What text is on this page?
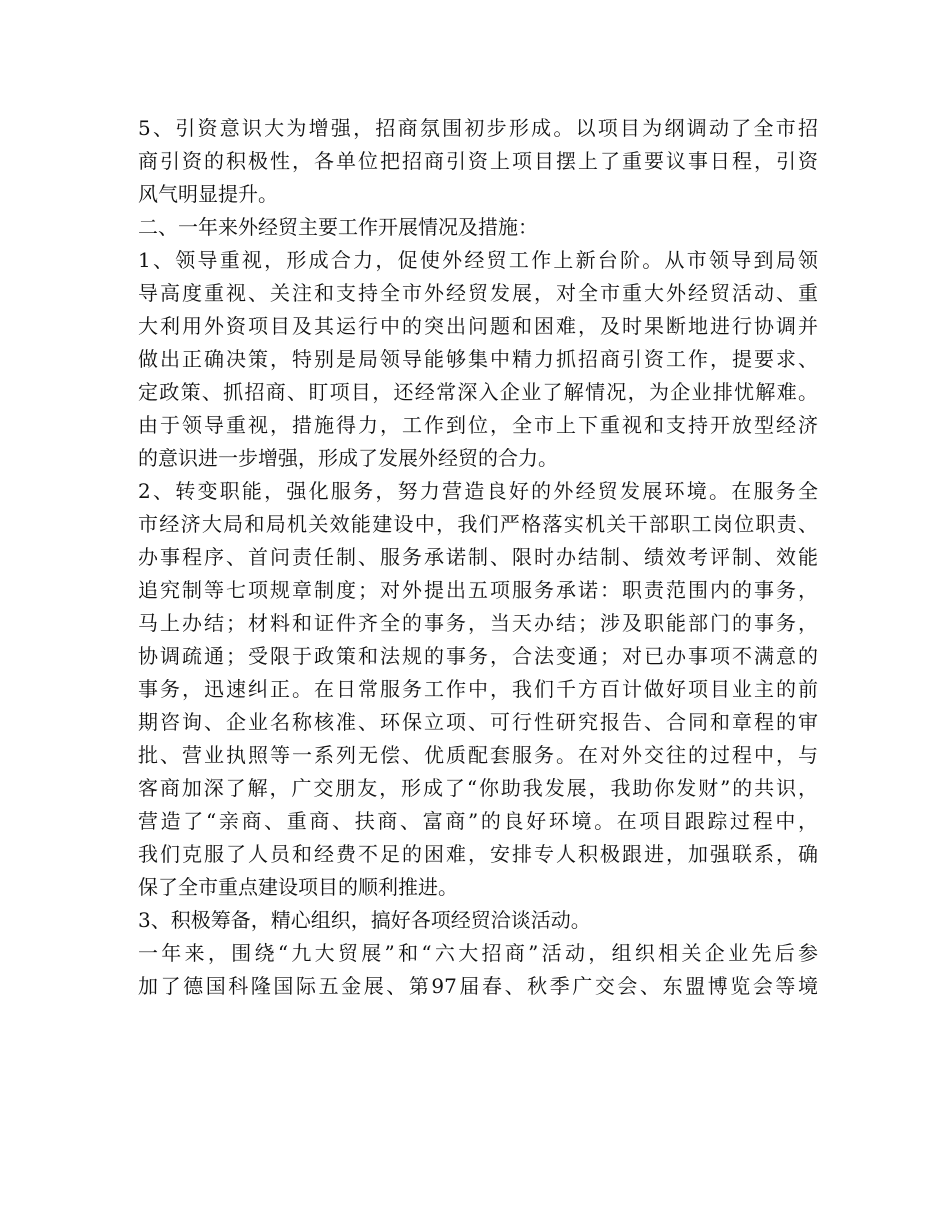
5、引资意识大为增强，招商氛围初步形成。以项目为纲调动了全市招
商引资的积极性，各单位把招商引资上项目摆上了重要议事日程，引资
风气明显提升。
二、一年来外经贸主要工作开展情况及措施：
1、领导重视，形成合力，促使外经贸工作上新台阶。从市领导到局领
导高度重视、关注和支持全市外经贸发展，对全市重大外经贸活动、重
大利用外资项目及其运行中的突出问题和困难，及时果断地进行协调并
做出正确决策，特别是局领导能够集中精力抓招商引资工作，提要求、
定政策、抓招商、盯项目，还经常深入企业了解情况，为企业排忧解难。
由于领导重视，措施得力，工作到位，全市上下重视和支持开放型经济
的意识进一步增强，形成了发展外经贸的合力。
2、转变职能，强化服务，努力营造良好的外经贸发展环境。在服务全
市经济大局和局机关效能建设中，我们严格落实机关干部职工岗位职责、
办事程序、首问责任制、服务承诺制、限时办结制、绩效考评制、效能
追究制等七项规章制度；对外提出五项服务承诺：职责范围内的事务，
马上办结；材料和证件齐全的事务，当天办结；涉及职能部门的事务，
协调疏通；受限于政策和法规的事务，合法变通；对已办事项不满意的
事务，迅速纠正。在日常服务工作中，我们千方百计做好项目业主的前
期咨询、企业名称核准、环保立项、可行性研究报告、合同和章程的审
批、营业执照等一系列无偿、优质配套服务。在对外交往的过程中，与
客商加深了解，广交朋友，形成了“你助我发展，我助你发财”的共识，
营造了“亲商、重商、扶商、富商”的良好环境。在项目跟踪过程中，
我们克服了人员和经费不足的困难，安排专人积极跟进，加强联系，确
保了全市重点建设项目的顺利推进。
3、积极筹备，精心组织，搞好各项经贸洽谈活动。
一年来，围绕“九大贸展”和“六大招商”活动，组织相关企业先后参
加了德国科隆国际五金展、第97届春、秋季广交会、东盟博览会等境
